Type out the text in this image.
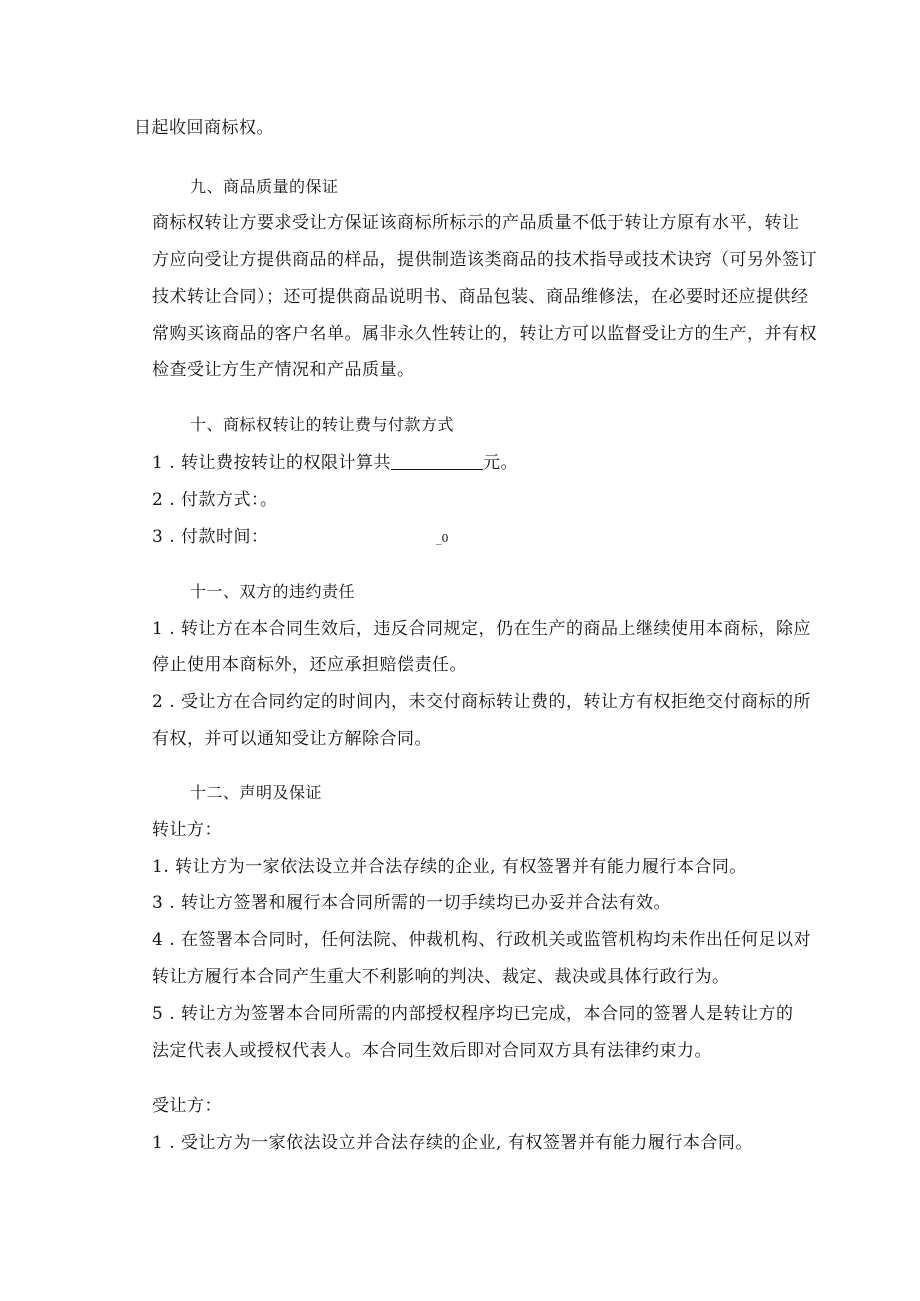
日起收回商标权。
九、商品质量的保证
商标权转让方要求受让方保证该商标所标示的产品质量不低于转让方原有水平，转让
方应向受让方提供商品的样品，提供制造该类商品的技术指导或技术诀窍（可另外签订
技术转让合同）；还可提供商品说明书、商品包装、商品维修法，在必要时还应提供经
常购买该商品的客户名单。属非永久性转让的，转让方可以监督受让方的生产，并有权
检查受让方生产情况和产品质量。
十、商标权转让的转让费与付款方式
1 . 转让费按转让的权限计算共	元。
2 . 付款方式：。
3 . 付款时间：	_0
十一、双方的违约责任
1 . 转让方在本合同生效后，违反合同规定，仍在生产的商品上继续使用本商标，除应
停止使用本商标外，还应承担赔偿责任。
2 . 受让方在合同约定的时间内，未交付商标转让费的，转让方有权拒绝交付商标的所
有权，并可以通知受让方解除合同。
十二、声明及保证
转让方：
1. 转让方为一家依法设立并合法存续的企业, 有权签署并有能力履行本合同。
3 . 转让方签署和履行本合同所需的一切手续均已办妥并合法有效。
4 . 在签署本合同时，任何法院、仲裁机构、行政机关或监管机构均未作出任何足以对
转让方履行本合同产生重大不利影响的判决、裁定、裁决或具体行政行为。
5 . 转让方为签署本合同所需的内部授权程序均已完成，本合同的签署人是转让方的
法定代表人或授权代表人。本合同生效后即对合同双方具有法律约束力。
受让方：
1 . 受让方为一家依法设立并合法存续的企业, 有权签署并有能力履行本合同。
